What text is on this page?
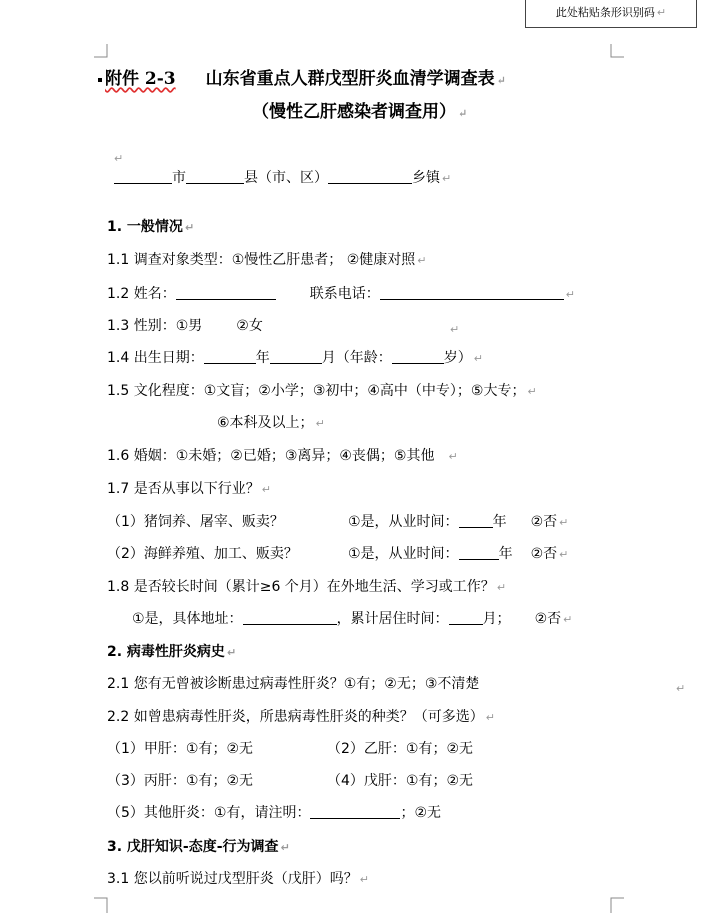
此处粘贴条形识别码 ↵
附件 2-3 山东省重点人群戊型肝炎血清学调查表 ↵
（慢性乙肝感染者调查用） ↵
↵
市	县（市、区）	乡镇 ↵
1. 一般情况 ↵
1.1 调查对象类型：①慢性乙肝患者； ②健康对照 ↵
1.2 姓名：	联系电话：	↵
1.3 性别：①男 ②女	↵
1.4 出生日期：	年	月（年龄：	岁） ↵
1.5 文化程度：①文盲；②小学；③初中；④高中（中专）；⑤大专； ↵
⑥本科及以上； ↵
1.6 婚姻：①未婚；②已婚；③离异；④丧偶；⑤其他 ↵
1.7 是否从事以下行业？ ↵
（1）猪饲养、屠宰、贩卖？	①是，从业时间： 年 ②否 ↵
（2）海鲜养殖、加工、贩卖？	①是，从业时间：	年 ②否 ↵
1.8 是否较长时间（累计≥6 个月）在外地生活、学习或工作？ ↵
①是，具体地址：	，累计居住时间： 月； ②否 ↵
2. 病毒性肝炎病史 ↵
2.1 您有无曾被诊断患过病毒性肝炎？①有；②无；③不清楚	↵
2.2 如曾患病毒性肝炎，所患病毒性肝炎的种类？（可多选） ↵
（1）甲肝：①有；②无	（2）乙肝：①有；②无
（3）丙肝：①有；②无	（4）戊肝：①有；②无
（5）其他肝炎：①有，请注明：	；②无
3. 戊肝知识-态度-行为调查 ↵
3.1 您以前听说过戊型肝炎（戊肝）吗？ ↵
